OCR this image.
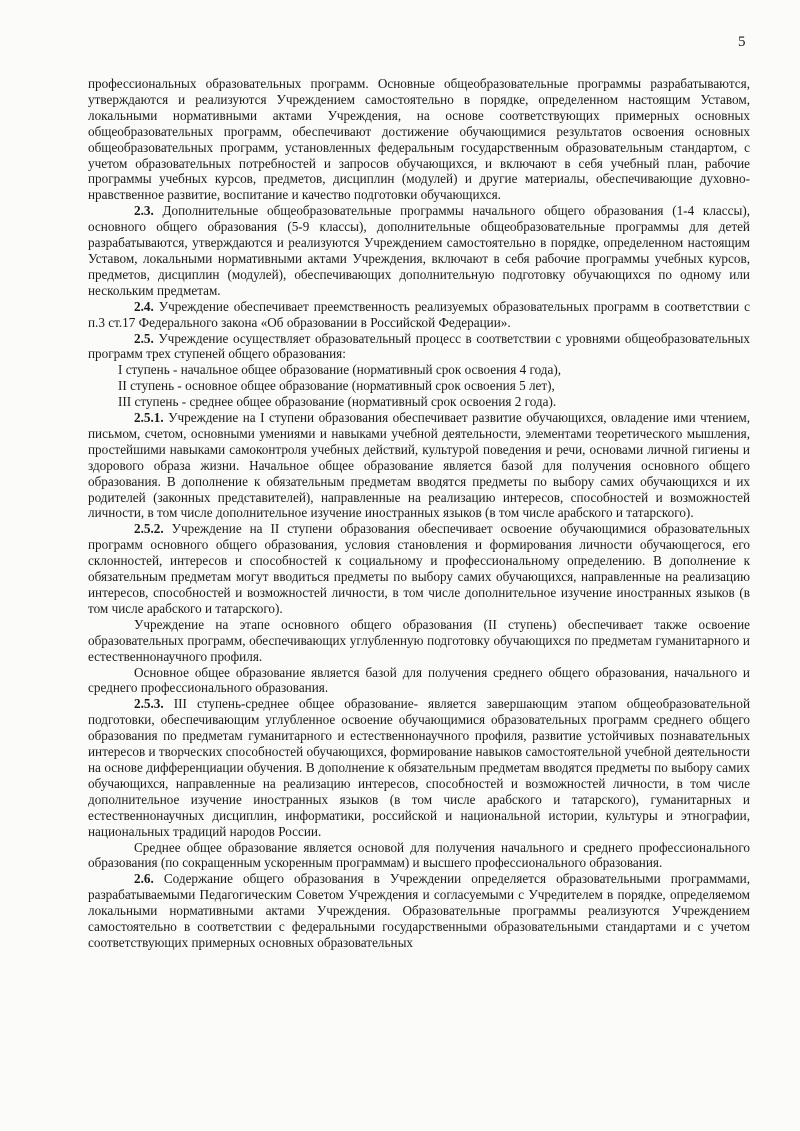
5

профессиональных образовательных программ. Основные общеобразовательные программы разрабатываются, утверждаются и реализуются Учреждением самостоятельно в порядке, определенном настоящим Уставом, локальными нормативными актами Учреждения, на основе соответствующих примерных основных общеобразовательных программ, обеспечивают достижение обучающимися результатов освоения основных общеобразовательных программ, установленных федеральным государственным образовательным стандартом, с учетом образовательных потребностей и запросов обучающихся, и включают в себя учебный план, рабочие программы учебных курсов, предметов, дисциплин (модулей) и другие материалы, обеспечивающие духовно-нравственное развитие, воспитание и качество подготовки обучающихся.

2.3. Дополнительные общеобразовательные программы начального общего образования (1-4 классы), основного общего образования (5-9 классы), дополнительные общеобразовательные программы для детей разрабатываются, утверждаются и реализуются Учреждением самостоятельно в порядке, определенном настоящим Уставом, локальными нормативными актами Учреждения, включают в себя рабочие программы учебных курсов, предметов, дисциплин (модулей), обеспечивающих дополнительную подготовку обучающихся по одному или нескольким предметам.

2.4. Учреждение обеспечивает преемственность реализуемых образовательных программ в соответствии с п.3 ст.17 Федерального закона «Об образовании в Российской Федерации».

2.5. Учреждение осуществляет образовательный процесс в соответствии с уровнями общеобразовательных программ трех ступеней общего образования:

I ступень - начальное общее образование (нормативный срок освоения 4 года),

II ступень - основное общее образование (нормативный срок освоения 5 лет),

III ступень - среднее общее образование (нормативный срок освоения 2 года).

2.5.1. Учреждение на I ступени образования обеспечивает развитие обучающихся, овладение ими чтением, письмом, счетом, основными умениями и навыками учебной деятельности, элементами теоретического мышления, простейшими навыками самоконтроля учебных действий, культурой поведения и речи, основами личной гигиены и здорового образа жизни. Начальное общее образование является базой для получения основного общего образования. В дополнение к обязательным предметам вводятся предметы по выбору самих обучающихся и их родителей (законных представителей), направленные на реализацию интересов, способностей и возможностей личности, в том числе дополнительное изучение иностранных языков (в том числе арабского и татарского).

2.5.2. Учреждение на II ступени образования обеспечивает освоение обучающимися образовательных программ основного общего образования, условия становления и формирования личности обучающегося, его склонностей, интересов и способностей к социальному и профессиональному определению. В дополнение к обязательным предметам могут вводиться предметы по выбору самих обучающихся, направленные на реализацию интересов, способностей и возможностей личности, в том числе дополнительное изучение иностранных языков (в том числе арабского и татарского).

Учреждение на этапе основного общего образования (II ступень) обеспечивает также освоение образовательных программ, обеспечивающих углубленную подготовку обучающихся по предметам гуманитарного и естественнонаучного профиля.

Основное общее образование является базой для получения среднего общего образования, начального и среднего профессионального образования.

2.5.3. III ступень-среднее общее образование- является завершающим этапом общеобразовательной подготовки, обеспечивающим углубленное освоение обучающимися образовательных программ среднего общего образования по предметам гуманитарного и естественнонаучного профиля, развитие устойчивых познавательных интересов и творческих способностей обучающихся, формирование навыков самостоятельной учебной деятельности на основе дифференциации обучения. В дополнение к обязательным предметам вводятся предметы по выбору самих обучающихся, направленные на реализацию интересов, способностей и возможностей личности, в том числе дополнительное изучение иностранных языков (в том числе арабского и татарского), гуманитарных и естественнонаучных дисциплин, информатики, российской и национальной истории, культуры и этнографии, национальных традиций народов России.

Среднее общее образование является основой для получения начального и среднего профессионального образования (по сокращенным ускоренным программам) и высшего профессионального образования.

2.6. Содержание общего образования в Учреждении определяется образовательными программами, разрабатываемыми Педагогическим Советом Учреждения и согласуемыми с Учредителем в порядке, определяемом локальными нормативными актами Учреждения. Образовательные программы реализуются Учреждением самостоятельно в соответствии с федеральными государственными образовательными стандартами и с учетом соответствующих примерных основных образовательных
